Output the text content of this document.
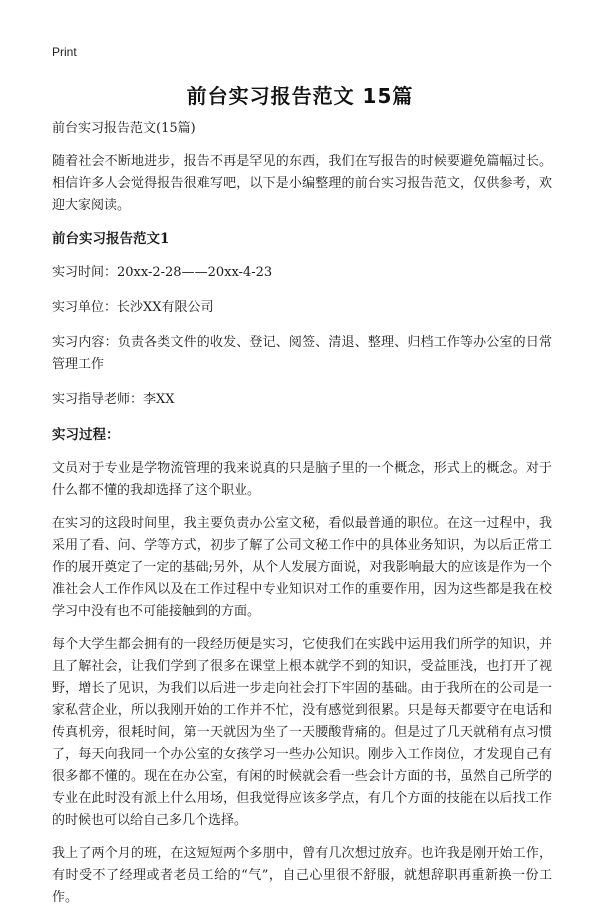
Print
前台实习报告范文 15篇

前台实习报告范文(15篇)

随着社会不断地进步，报告不再是罕见的东西，我们在写报告的时候要避免篇幅过长。相信许多人会觉得报告很难写吧，以下是小编整理的前台实习报告范文，仅供参考，欢迎大家阅读。

前台实习报告范文1

实习时间：20xx-2-28——20xx-4-23

实习单位：长沙XX有限公司

实习内容：负责各类文件的收发、登记、阅签、清退、整理、归档工作等办公室的日常管理工作

实习指导老师：李XX

实习过程：

文员对于专业是学物流管理的我来说真的只是脑子里的一个概念，形式上的概念。对于什么都不懂的我却选择了这个职业。

在实习的这段时间里，我主要负责办公室文秘，看似最普通的职位。在这一过程中，我采用了看、问、学等方式，初步了解了公司文秘工作中的具体业务知识，为以后正常工作的展开奠定了一定的基础;另外，从个人发展方面说，对我影响最大的应该是作为一个准社会人工作作风以及在工作过程中专业知识对工作的重要作用，因为这些都是我在校学习中没有也不可能接触到的方面。

每个大学生都会拥有的一段经历便是实习，它使我们在实践中运用我们所学的知识，并且了解社会，让我们学到了很多在课堂上根本就学不到的知识，受益匪浅，也打开了视野，增长了见识，为我们以后进一步走向社会打下牢固的基础。由于我所在的公司是一家私营企业，所以我刚开始的工作并不忙，没有感觉到很累。只是每天都要守在电话和传真机旁，很耗时间，第一天就因为坐了一天腰酸背痛的。但是过了几天就稍有点习惯了，每天向我同一个办公室的女孩学习一些办公知识。刚步入工作岗位，才发现自己有很多都不懂的。现在在办公室，有闲的时候就会看一些会计方面的书，虽然自己所学的专业在此时没有派上什么用场，但我觉得应该多学点，有几个方面的技能在以后找工作的时候也可以给自己多几个选择。

我上了两个月的班，在这短短两个多朋中，曾有几次想过放弃。也许我是刚开始工作，有时受不了经理或者老员工给的“气”，自己心里很不舒服，就想辞职再重新换一份工作。
